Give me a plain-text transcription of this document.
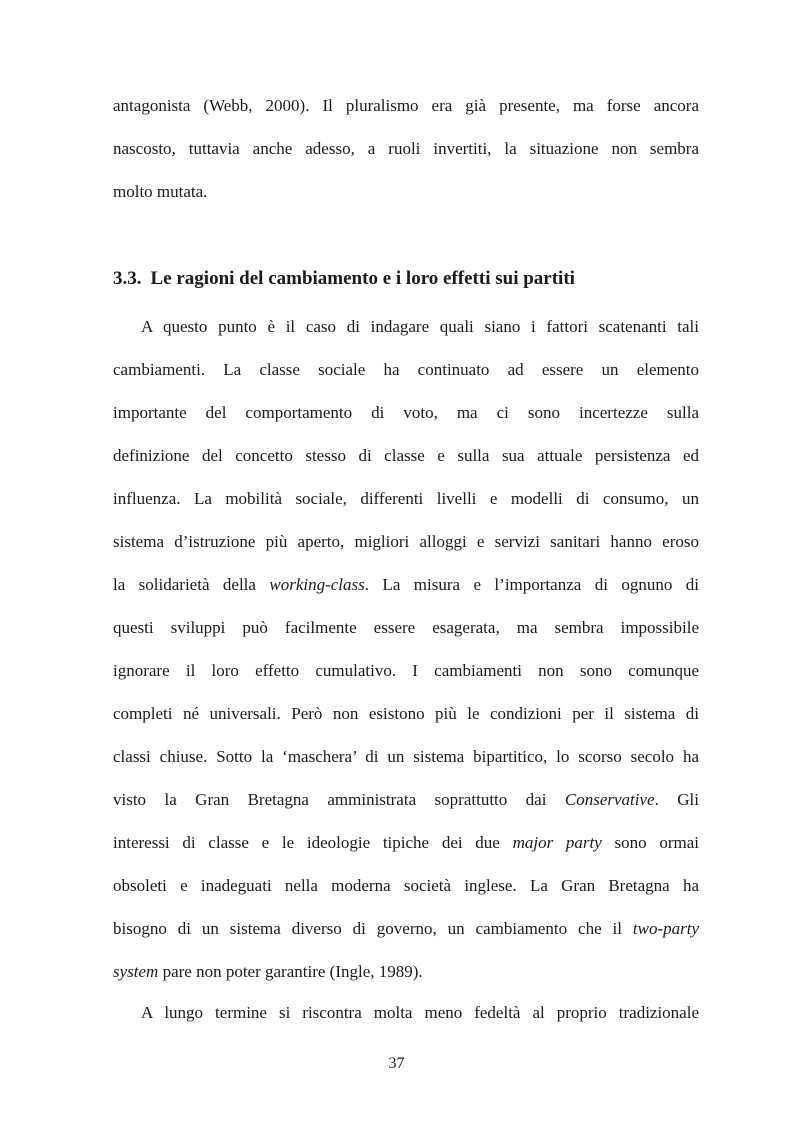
antagonista (Webb, 2000). Il pluralismo era già presente, ma forse ancora
nascosto, tuttavia anche adesso, a ruoli invertiti, la situazione non sembra
molto mutata.
3.3. Le ragioni del cambiamento e i loro effetti sui partiti
A questo punto è il caso di indagare quali siano i fattori scatenanti tali
cambiamenti. La classe sociale ha continuato ad essere un elemento
importante del comportamento di voto, ma ci sono incertezze sulla
definizione del concetto stesso di classe e sulla sua attuale persistenza ed
influenza. La mobilità sociale, differenti livelli e modelli di consumo, un
sistema d’istruzione più aperto, migliori alloggi e servizi sanitari hanno eroso
la solidarietà della working-class. La misura e l’importanza di ognuno di
questi sviluppi può facilmente essere esagerata, ma sembra impossibile
ignorare il loro effetto cumulativo. I cambiamenti non sono comunque
completi né universali. Però non esistono più le condizioni per il sistema di
classi chiuse. Sotto la ‘maschera’ di un sistema bipartitico, lo scorso secolo ha
visto la Gran Bretagna amministrata soprattutto dai Conservative. Gli
interessi di classe e le ideologie tipiche dei due major party sono ormai
obsoleti e inadeguati nella moderna società inglese. La Gran Bretagna ha
bisogno di un sistema diverso di governo, un cambiamento che il two-party
system pare non poter garantire (Ingle, 1989).
A lungo termine si riscontra molta meno fedeltà al proprio tradizionale
37
